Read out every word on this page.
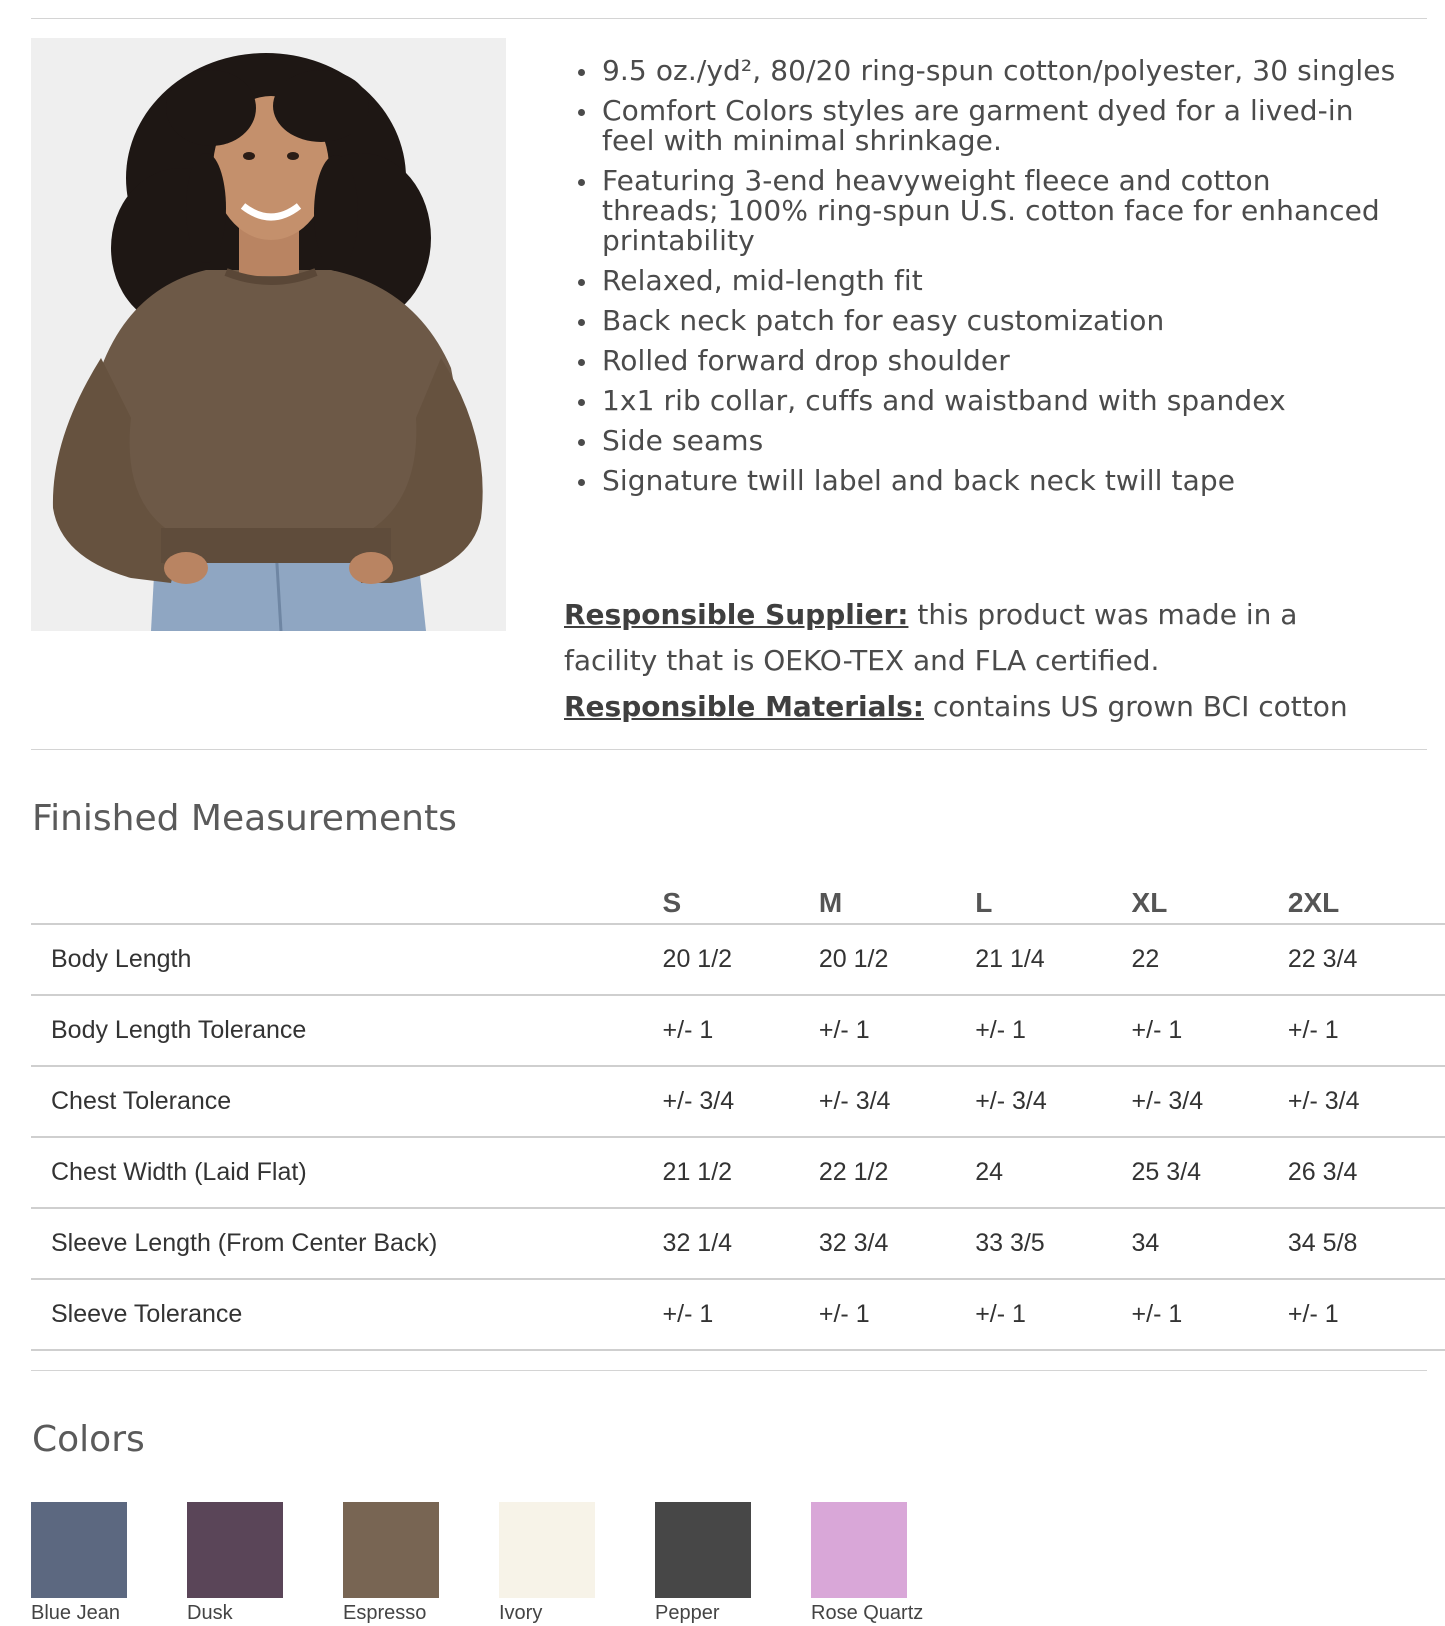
9.5 oz./yd², 80/20 ring-spun cotton/polyester, 30 singles
Comfort Colors styles are garment dyed for a lived-in feel with minimal shrinkage.
Featuring 3-end heavyweight fleece and cotton threads; 100% ring-spun U.S. cotton face for enhanced printability
Relaxed, mid-length fit
Back neck patch for easy customization
Rolled forward drop shoulder
1x1 rib collar, cuffs and waistband with spandex
Side seams
Signature twill label and back neck twill tape
Responsible Supplier: this product was made in a facility that is OEKO-TEX and FLA certified.
Responsible Materials: contains US grown BCI cotton
Finished Measurements
	S	M	L	XL	2XL
Body Length	20 1/2	20 1/2	21 1/4	22	22 3/4
Body Length Tolerance	+/- 1	+/- 1	+/- 1	+/- 1	+/- 1
Chest Tolerance	+/- 3/4	+/- 3/4	+/- 3/4	+/- 3/4	+/- 3/4
Chest Width (Laid Flat)	21 1/2	22 1/2	24	25 3/4	26 3/4
Sleeve Length (From Center Back)	32 1/4	32 3/4	33 3/5	34	34 5/8
Sleeve Tolerance	+/- 1	+/- 1	+/- 1	+/- 1	+/- 1
Colors
Blue Jean	Dusk	Espresso	Ivory	Pepper	Rose Quartz
